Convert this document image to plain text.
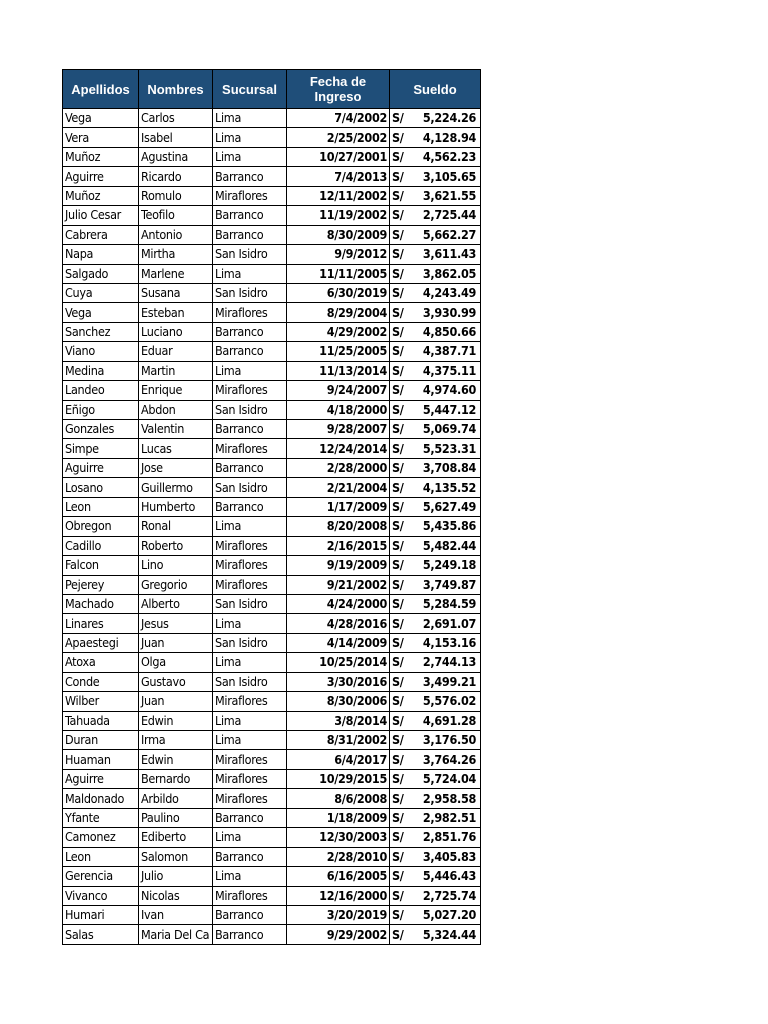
Apellidos	Nombres	Sucursal	Fecha de Ingreso	Sueldo	
Vega	Carlos	Lima	7/4/2002	S/	5,224.26
Vera	Isabel	Lima	2/25/2002	S/	4,128.94
Muñoz	Agustina	Lima	10/27/2001	S/	4,562.23
Aguirre	Ricardo	Barranco	7/4/2013	S/	3,105.65
Muñoz	Romulo	Miraflores	12/11/2002	S/	3,621.55
Julio Cesar	Teofilo	Barranco	11/19/2002	S/	2,725.44
Cabrera	Antonio	Barranco	8/30/2009	S/	5,662.27
Napa	Mirtha	San Isidro	9/9/2012	S/	3,611.43
Salgado	Marlene	Lima	11/11/2005	S/	3,862.05
Cuya	Susana	San Isidro	6/30/2019	S/	4,243.49
Vega	Esteban	Miraflores	8/29/2004	S/	3,930.99
Sanchez	Luciano	Barranco	4/29/2002	S/	4,850.66
Viano	Eduar	Barranco	11/25/2005	S/	4,387.71
Medina	Martin	Lima	11/13/2014	S/	4,375.11
Landeo	Enrique	Miraflores	9/24/2007	S/	4,974.60
Eñigo	Abdon	San Isidro	4/18/2000	S/	5,447.12
Gonzales	Valentin	Barranco	9/28/2007	S/	5,069.74
Simpe	Lucas	Miraflores	12/24/2014	S/	5,523.31
Aguirre	Jose	Barranco	2/28/2000	S/	3,708.84
Losano	Guillermo	San Isidro	2/21/2004	S/	4,135.52
Leon	Humberto	Barranco	1/17/2009	S/	5,627.49
Obregon	Ronal	Lima	8/20/2008	S/	5,435.86
Cadillo	Roberto	Miraflores	2/16/2015	S/	5,482.44
Falcon	Lino	Miraflores	9/19/2009	S/	5,249.18
Pejerey	Gregorio	Miraflores	9/21/2002	S/	3,749.87
Machado	Alberto	San Isidro	4/24/2000	S/	5,284.59
Linares	Jesus	Lima	4/28/2016	S/	2,691.07
Apaestegi	Juan	San Isidro	4/14/2009	S/	4,153.16
Atoxa	Olga	Lima	10/25/2014	S/	2,744.13
Conde	Gustavo	San Isidro	3/30/2016	S/	3,499.21
Wilber	Juan	Miraflores	8/30/2006	S/	5,576.02
Tahuada	Edwin	Lima	3/8/2014	S/	4,691.28
Duran	Irma	Lima	8/31/2002	S/	3,176.50
Huaman	Edwin	Miraflores	6/4/2017	S/	3,764.26
Aguirre	Bernardo	Miraflores	10/29/2015	S/	5,724.04
Maldonado	Arbildo	Miraflores	8/6/2008	S/	2,958.58
Yfante	Paulino	Barranco	1/18/2009	S/	2,982.51
Camonez	Ediberto	Lima	12/30/2003	S/	2,851.76
Leon	Salomon	Barranco	2/28/2010	S/	3,405.83
Gerencia	Julio	Lima	6/16/2005	S/	5,446.43
Vivanco	Nicolas	Miraflores	12/16/2000	S/	2,725.74
Humari	Ivan	Barranco	3/20/2019	S/	5,027.20
Salas	Maria Del Ca	Barranco	9/29/2002	S/	5,324.44
